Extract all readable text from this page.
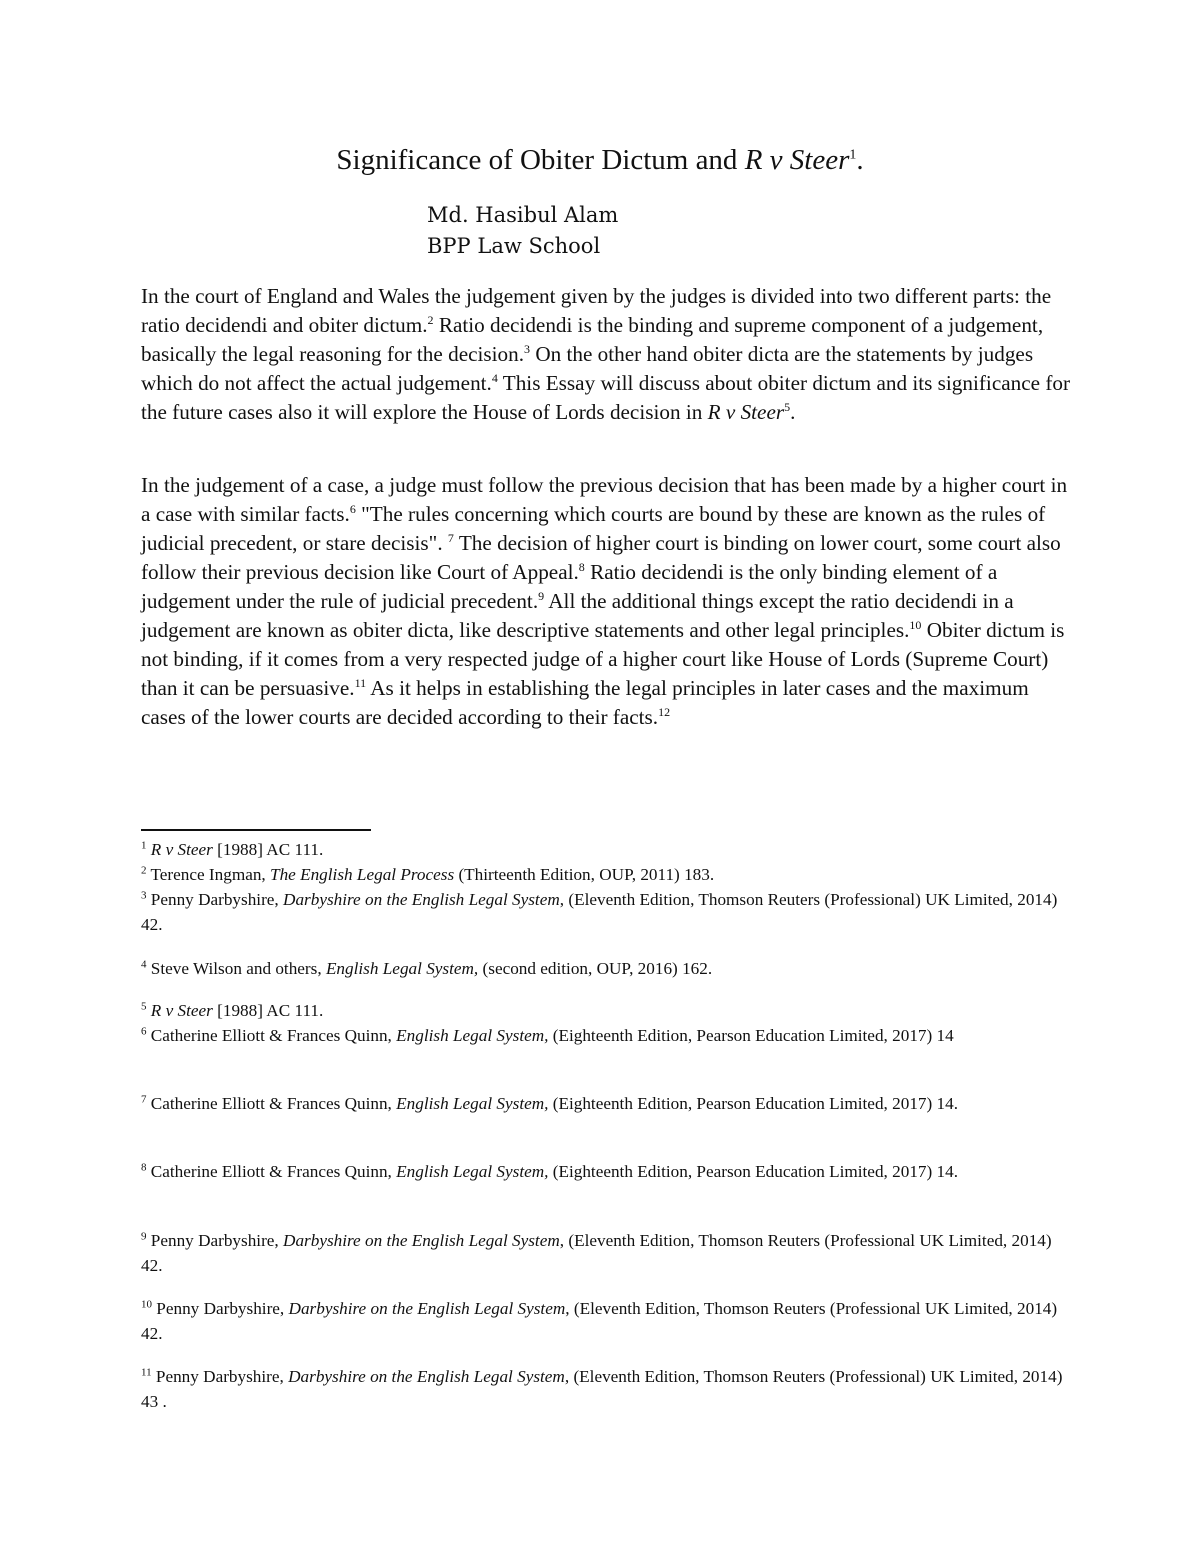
Significance of Obiter Dictum and R v Steer$^1$.
Md. Hasibul Alam
BPP Law School

In the court of England and Wales the judgement given by the judges is divided into two different parts: the ratio decidendi and obiter dictum.$^2$ Ratio decidendi is the binding and supreme component of a judgement, basically the legal reasoning for the decision.$^3$ On the other hand obiter dicta are the statements by judges which do not affect the actual judgement.$^4$ This Essay will discuss about obiter dictum and its significance for the future cases also it will explore the House of Lords decision in R v Steer$^5$.

In the judgement of a case, a judge must follow the previous decision that has been made by a higher court in a case with similar facts.$^6$ "The rules concerning which courts are bound by these are known as the rules of judicial precedent, or stare decisis". $^7$ The decision of higher court is binding on lower court, some court also follow their previous decision like Court of Appeal.$^8$ Ratio decidendi is the only binding element of a judgement under the rule of judicial precedent.$^9$ All the additional things except the ratio decidendi in a judgement are known as obiter dicta, like descriptive statements and other legal principles.$^{10}$ Obiter dictum is not binding, if it comes from a very respected judge of a higher court like House of Lords (Supreme Court) than it can be persuasive.$^{11}$ As it helps in establishing the legal principles in later cases and the maximum cases of the lower courts are decided according to their facts.$^{12}$

$^1$ R v Steer [1988] AC 111.

$^2$ Terence Ingman, The English Legal Process (Thirteenth Edition, OUP, 2011) 183.

$^3$ Penny Darbyshire, Darbyshire on the English Legal System, (Eleventh Edition, Thomson Reuters (Professional) UK Limited, 2014) 42.

$^4$ Steve Wilson and others, English Legal System, (second edition, OUP, 2016) 162.

$^5$ R v Steer [1988] AC 111.

$^6$ Catherine Elliott & Frances Quinn, English Legal System, (Eighteenth Edition, Pearson Education Limited, 2017) 14

$^7$ Catherine Elliott & Frances Quinn, English Legal System, (Eighteenth Edition, Pearson Education Limited, 2017) 14.

$^8$ Catherine Elliott & Frances Quinn, English Legal System, (Eighteenth Edition, Pearson Education Limited, 2017) 14.

$^9$ Penny Darbyshire, Darbyshire on the English Legal System, (Eleventh Edition, Thomson Reuters (Professional UK Limited, 2014) 42.

$^{10}$ Penny Darbyshire, Darbyshire on the English Legal System, (Eleventh Edition, Thomson Reuters (Professional UK Limited, 2014) 42.

$^{11}$ Penny Darbyshire, Darbyshire on the English Legal System, (Eleventh Edition, Thomson Reuters (Professional) UK Limited, 2014) 43 .
